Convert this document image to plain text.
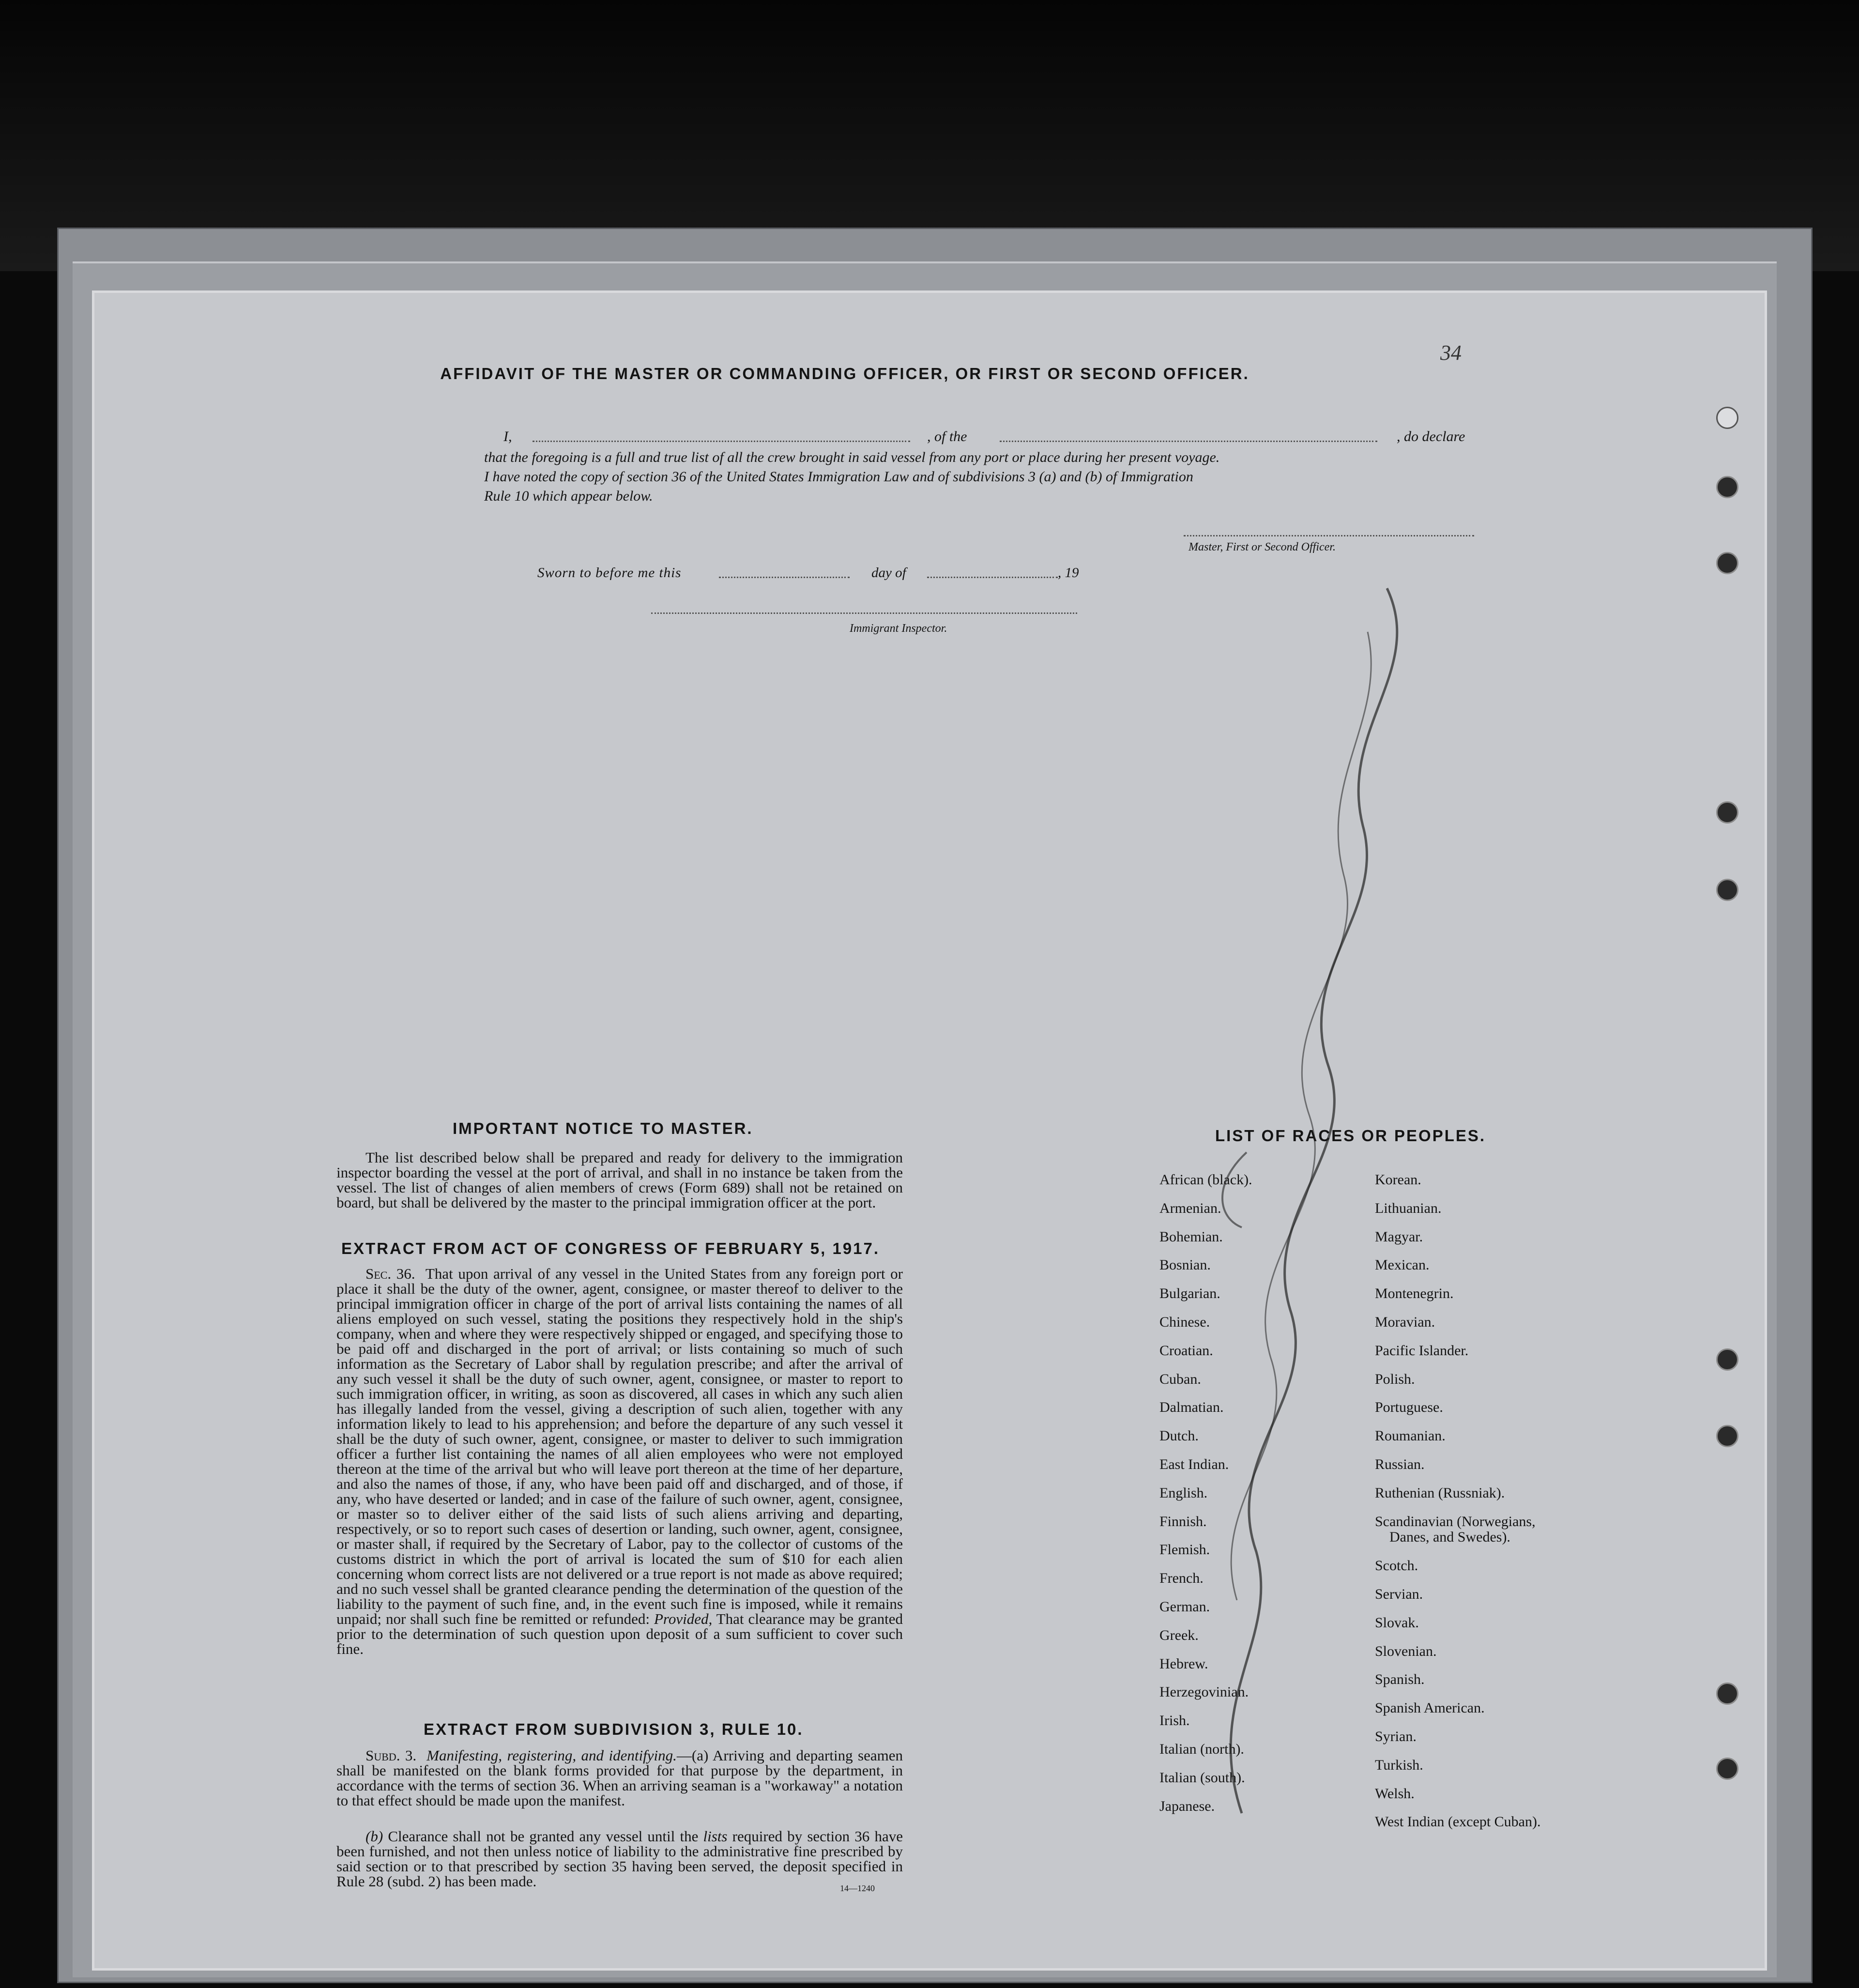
AFFIDAVIT OF THE MASTER OR COMMANDING OFFICER, OR FIRST OR SECOND OFFICER.
I,	, of the	, do declare
that the foregoing is a full and true list of all the crew brought in said vessel from any port or place during her present voyage.
I have noted the copy of section 36 of the United States Immigration Law and of subdivisions 3 (a) and (b) of Immigration
Rule 10 which appear below.
Master, First or Second Officer.
Sworn to before me this	day of	, 19
Immigrant Inspector.
IMPORTANT NOTICE TO MASTER.
The list described below shall be prepared and ready for delivery to the immigration inspector boarding the vessel at the port of arrival, and shall in no instance be taken from the vessel. The list of changes of alien members of crews (Form 689) shall not be retained on board, but shall be delivered by the master to the principal immigration officer at the port.
EXTRACT FROM ACT OF CONGRESS OF FEBRUARY 5, 1917.
Sec. 36. That upon arrival of any vessel in the United States from any foreign port or place it shall be the duty of the owner, agent, consignee, or master thereof to deliver to the principal immigration officer in charge of the port of arrival lists containing the names of all aliens employed on such vessel, stating the positions they respectively hold in the ship's company, when and where they were respectively shipped or engaged, and specifying those to be paid off and discharged in the port of arrival; or lists containing so much of such information as the Secretary of Labor shall by regulation prescribe; and after the arrival of any such vessel it shall be the duty of such owner, agent, consignee, or master to report to such immigration officer, in writing, as soon as discovered, all cases in which any such alien has illegally landed from the vessel, giving a description of such alien, together with any information likely to lead to his apprehension; and before the departure of any such vessel it shall be the duty of such owner, agent, consignee, or master to deliver to such immigration officer a further list containing the names of all alien employees who were not employed thereon at the time of the arrival but who will leave port thereon at the time of her departure, and also the names of those, if any, who have been paid off and discharged, and of those, if any, who have deserted or landed; and in case of the failure of such owner, agent, consignee, or master so to deliver either of the said lists of such aliens arriving and departing, respectively, or so to report such cases of desertion or landing, such owner, agent, consignee, or master shall, if required by the Secretary of Labor, pay to the collector of customs of the customs district in which the port of arrival is located the sum of $10 for each alien concerning whom correct lists are not delivered or a true report is not made as above required; and no such vessel shall be granted clearance pending the determination of the question of the liability to the payment of such fine, and, in the event such fine is imposed, while it remains unpaid; nor shall such fine be remitted or refunded: Provided, That clearance may be granted prior to the determination of such question upon deposit of a sum sufficient to cover such fine.
EXTRACT FROM SUBDIVISION 3, RULE 10.
Subd. 3. Manifesting, registering, and identifying.—(a) Arriving and departing seamen shall be manifested on the blank forms provided for that purpose by the department, in accordance with the terms of section 36. When an arriving seaman is a "workaway" a notation to that effect should be made upon the manifest.
(b) Clearance shall not be granted any vessel until the lists required by section 36 have been furnished, and not then unless notice of liability to the administrative fine prescribed by said section or to that prescribed by section 35 having been served, the deposit specified in Rule 28 (subd. 2) has been made.	14—1240
LIST OF RACES OR PEOPLES.
African (black).
Armenian.
Bohemian.
Bosnian.
Bulgarian.
Chinese.
Croatian.
Cuban.
Dalmatian.
Dutch.
East Indian.
English.
Finnish.
Flemish.
French.
German.
Greek.
Hebrew.
Herzegovinian.
Irish.
Italian (north).
Italian (south).
Japanese.
Korean.
Lithuanian.
Magyar.
Mexican.
Montenegrin.
Moravian.
Pacific Islander.
Polish.
Portuguese.
Roumanian.
Russian.
Ruthenian (Russniak).
Scandinavian (Norwegians,
Danes, and Swedes).
Scotch.
Servian.
Slovak.
Slovenian.
Spanish.
Spanish American.
Syrian.
Turkish.
Welsh.
West Indian (except Cuban).
34
